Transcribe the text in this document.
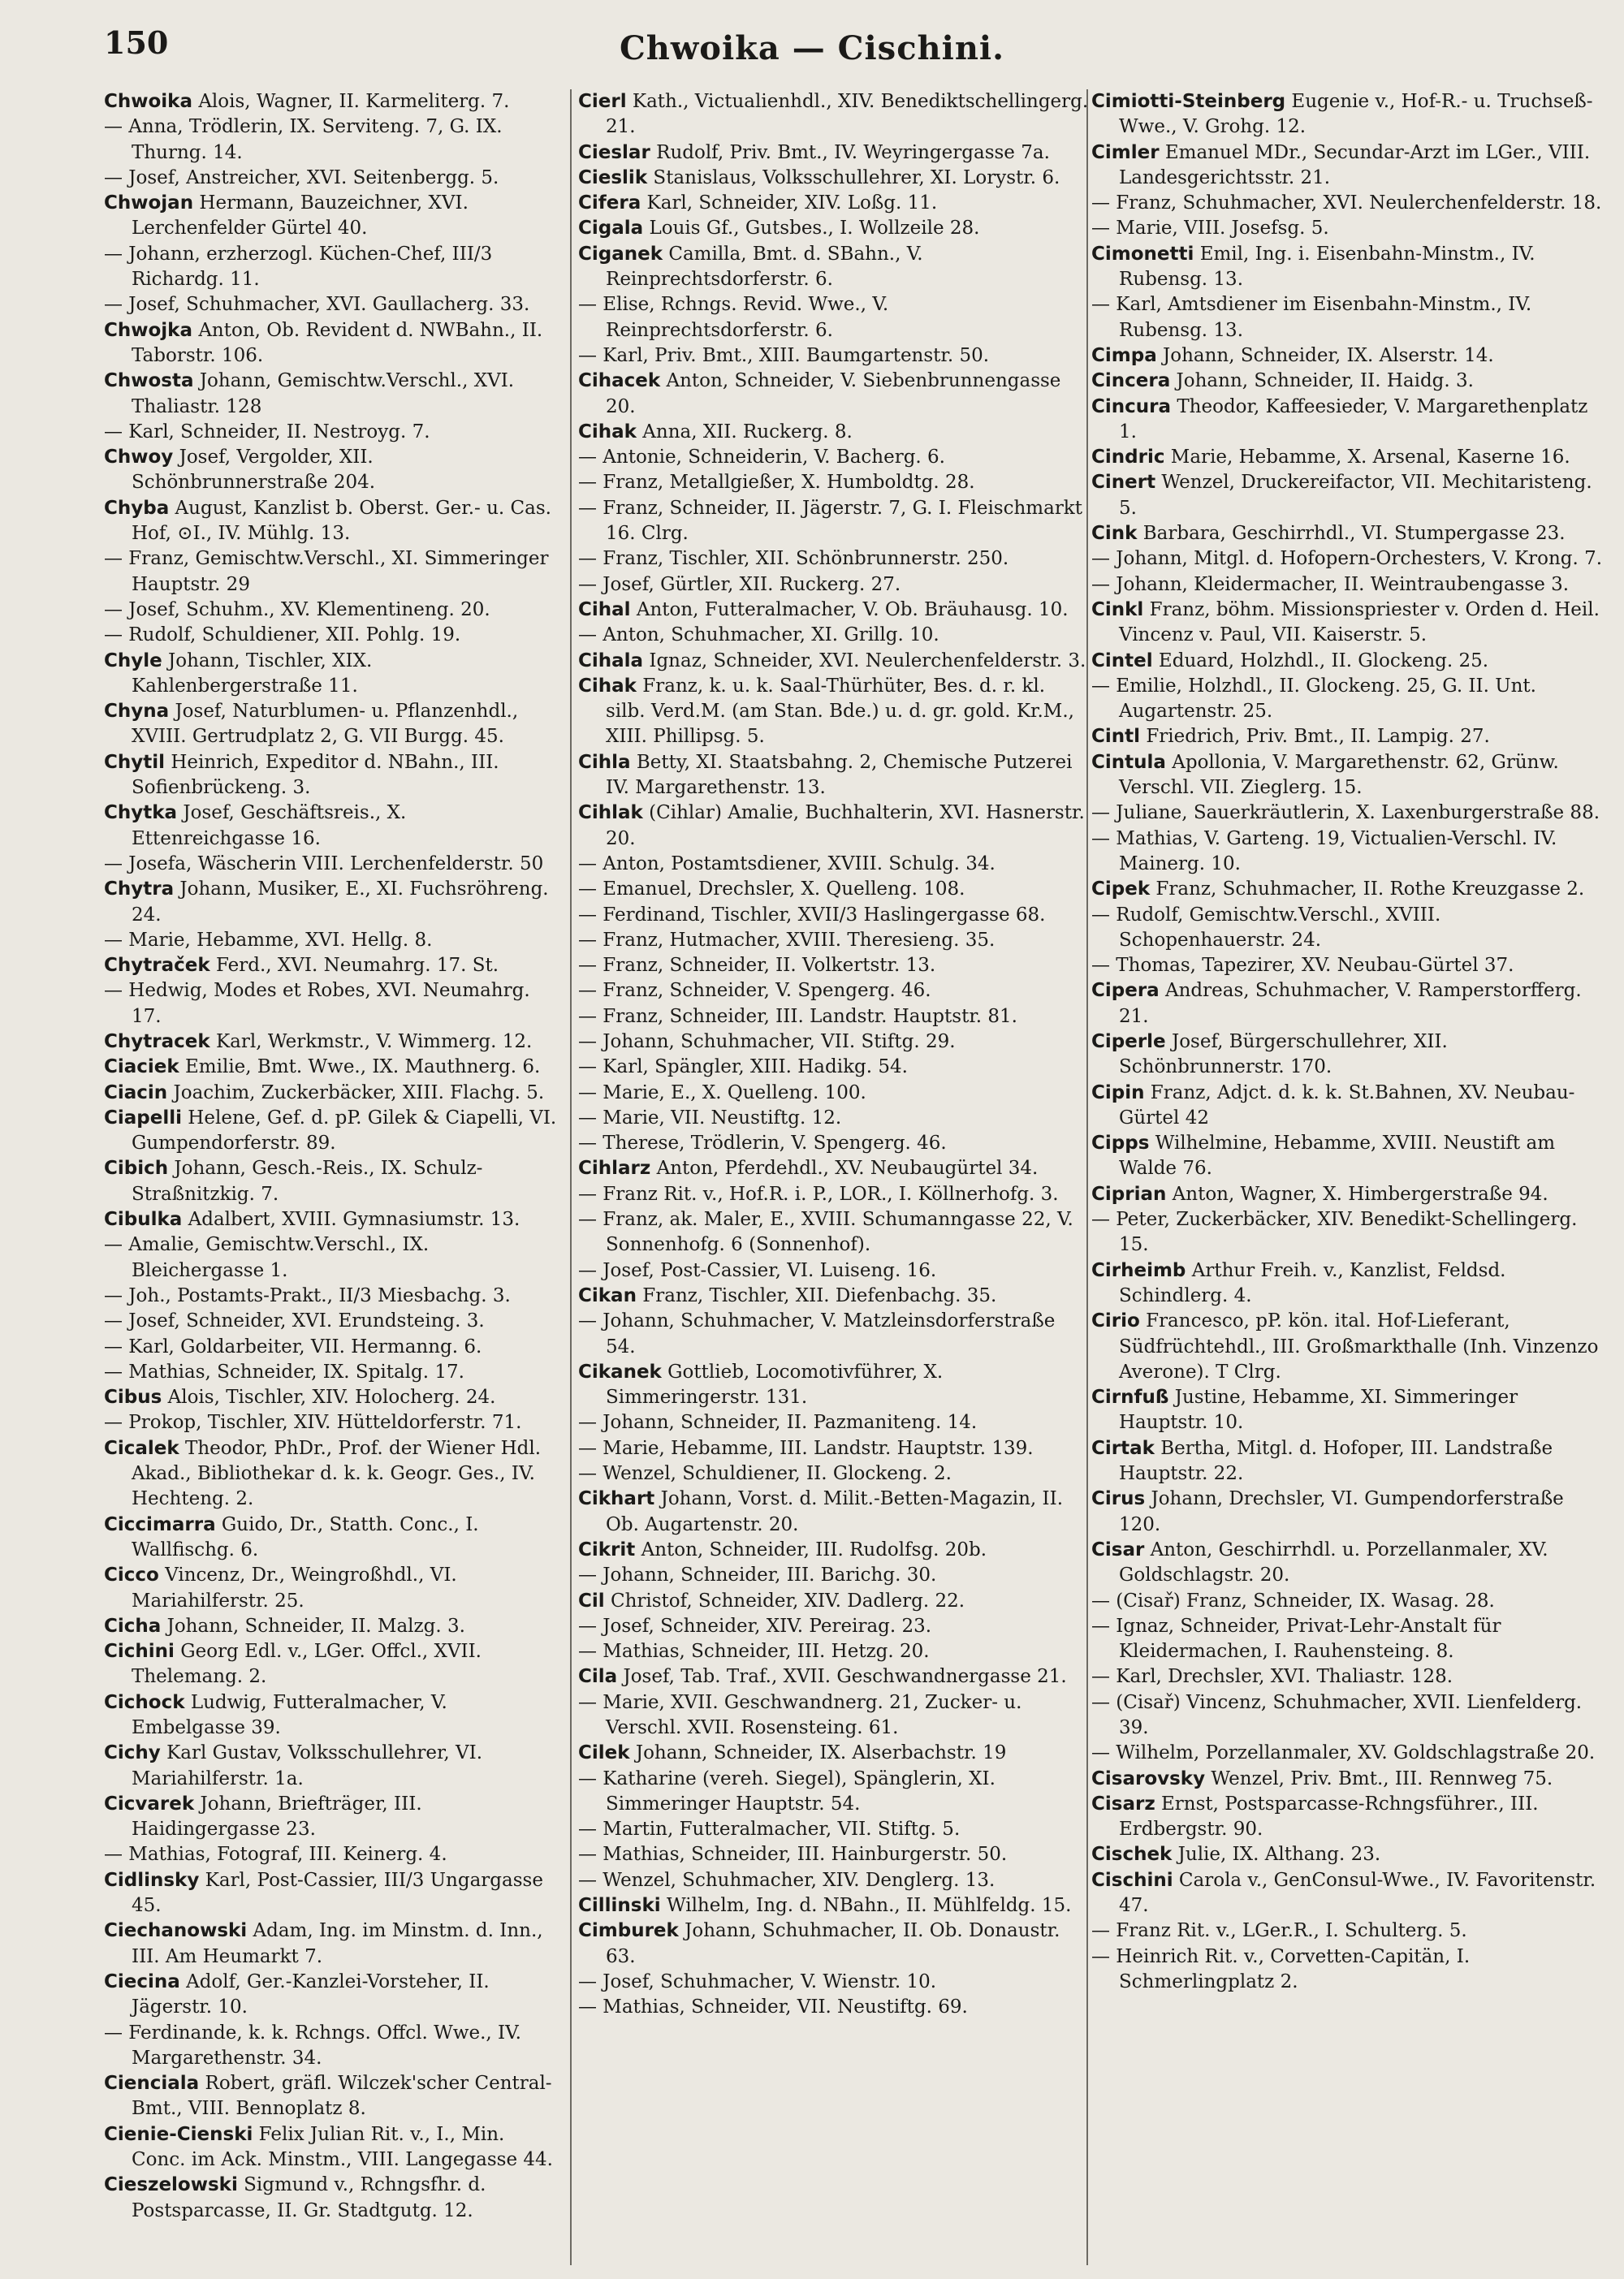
150	Chwoika — Cischini.

Chwoika Alois, Wagner, II. Karmeliterg. 7.

— Anna, Trödlerin, IX. Serviteng. 7, G. IX. Thurng. 14.

— Josef, Anstreicher, XVI. Seitenbergg. 5.

Chwojan Hermann, Bauzeichner, XVI. Lerchenfelder Gürtel 40.

— Johann, erzherzogl. Küchen-Chef, III/3 Richardg. 11.

— Josef, Schuhmacher, XVI. Gaullacherg. 33.

Chwojka Anton, Ob. Revident d. NWBahn., II. Taborstr. 106.

Chwosta Johann, Gemischtw.Verschl., XVI. Thaliastr. 128

— Karl, Schneider, II. Nestroyg. 7.

Chwoy Josef, Vergolder, XII. Schönbrunnerstraße 204.

Chyba August, Kanzlist b. Oberst. Ger.- u. Cas. Hof, ⊙I., IV. Mühlg. 13.

— Franz, Gemischtw.Verschl., XI. Simmeringer Hauptstr. 29

— Josef, Schuhm., XV. Klementineng. 20.

— Rudolf, Schuldiener, XII. Pohlg. 19.

Chyle Johann, Tischler, XIX. Kahlenbergerstraße 11.

Chyna Josef, Naturblumen- u. Pflanzenhdl., XVIII. Gertrudplatz 2, G. VII Burgg. 45.

Chytil Heinrich, Expeditor d. NBahn., III. Sofienbrückeng. 3.

Chytka Josef, Geschäftsreis., X. Ettenreichgasse 16.

— Josefa, Wäscherin VIII. Lerchenfelderstr. 50

Chytra Johann, Musiker, E., XI. Fuchsröhreng. 24.

— Marie, Hebamme, XVI. Hellg. 8.

Chytraček Ferd., XVI. Neumahrg. 17. St.

— Hedwig, Modes et Robes, XVI. Neumahrg. 17.

Chytracek Karl, Werkmstr., V. Wimmerg. 12.

Ciaciek Emilie, Bmt. Wwe., IX. Mauthnerg. 6.

Ciacin Joachim, Zuckerbäcker, XIII. Flachg. 5.

Ciapelli Helene, Gef. d. pP. Gilek & Ciapelli, VI. Gumpendorferstr. 89.

Cibich Johann, Gesch.-Reis., IX. Schulz-Straßnitzkig. 7.

Cibulka Adalbert, XVIII. Gymnasiumstr. 13.

— Amalie, Gemischtw.Verschl., IX. Bleichergasse 1.

— Joh., Postamts-Prakt., II/3 Miesbachg. 3.

— Josef, Schneider, XVI. Erundsteing. 3.

— Karl, Goldarbeiter, VII. Hermanng. 6.

— Mathias, Schneider, IX. Spitalg. 17.

Cibus Alois, Tischler, XIV. Holocherg. 24.

— Prokop, Tischler, XIV. Hütteldorferstr. 71.

Cicalek Theodor, PhDr., Prof. der Wiener Hdl. Akad., Bibliothekar d. k. k. Geogr. Ges., IV. Hechteng. 2.

Ciccimarra Guido, Dr., Statth. Conc., I. Wallfischg. 6.

Cicco Vincenz, Dr., Weingroßhdl., VI. Mariahilferstr. 25.

Cicha Johann, Schneider, II. Malzg. 3.

Cichini Georg Edl. v., LGer. Offcl., XVII. Thelemang. 2.

Cichock Ludwig, Futteralmacher, V. Embelgasse 39.

Cichy Karl Gustav, Volksschullehrer, VI. Mariahilferstr. 1a.

Cicvarek Johann, Briefträger, III. Haidingergasse 23.

— Mathias, Fotograf, III. Keinerg. 4.

Cidlinsky Karl, Post-Cassier, III/3 Ungargasse 45.

Ciechanowski Adam, Ing. im Minstm. d. Inn., III. Am Heumarkt 7.

Ciecina Adolf, Ger.-Kanzlei-Vorsteher, II. Jägerstr. 10.

— Ferdinande, k. k. Rchngs. Offcl. Wwe., IV. Margarethenstr. 34.

Cienciala Robert, gräfl. Wilczek'scher Central-Bmt., VIII. Bennoplatz 8.

Cienie-Cienski Felix Julian Rit. v., I., Min. Conc. im Ack. Minstm., VIII. Langegasse 44.

Cieszelowski Sigmund v., Rchngsfhr. d. Postsparcasse, II. Gr. Stadtgutg. 12.

Cierl Kath., Victualienhdl., XIV. Benediktschellingerg. 21.

Cieslar Rudolf, Priv. Bmt., IV. Weyringergasse 7a.

Cieslik Stanislaus, Volksschullehrer, XI. Lorystr. 6.

Cifera Karl, Schneider, XIV. Loßg. 11.

Cigala Louis Gf., Gutsbes., I. Wollzeile 28.

Ciganek Camilla, Bmt. d. SBahn., V. Reinprechtsdorferstr. 6.

— Elise, Rchngs. Revid. Wwe., V. Reinprechtsdorferstr. 6.

— Karl, Priv. Bmt., XIII. Baumgartenstr. 50.

Cihacek Anton, Schneider, V. Siebenbrunnengasse 20.

Cihak Anna, XII. Ruckerg. 8.

— Antonie, Schneiderin, V. Bacherg. 6.

— Franz, Metallgießer, X. Humboldtg. 28.

— Franz, Schneider, II. Jägerstr. 7, G. I. Fleischmarkt 16. Clrg.

— Franz, Tischler, XII. Schönbrunnerstr. 250.

— Josef, Gürtler, XII. Ruckerg. 27.

Cihal Anton, Futteralmacher, V. Ob. Bräuhausg. 10.

— Anton, Schuhmacher, XI. Grillg. 10.

Cihala Ignaz, Schneider, XVI. Neulerchenfelderstr. 3.

Cihak Franz, k. u. k. Saal-Thürhüter, Bes. d. r. kl. silb. Verd.M. (am Stan. Bde.) u. d. gr. gold. Kr.M., XIII. Phillipsg. 5.

Cihla Betty, XI. Staatsbahng. 2, Chemische Putzerei IV. Margarethenstr. 13.

Cihlak (Cihlar) Amalie, Buchhalterin, XVI. Hasnerstr. 20.

— Anton, Postamtsdiener, XVIII. Schulg. 34.

— Emanuel, Drechsler, X. Quelleng. 108.

— Ferdinand, Tischler, XVII/3 Haslingergasse 68.

— Franz, Hutmacher, XVIII. Theresieng. 35.

— Franz, Schneider, II. Volkertstr. 13.

— Franz, Schneider, V. Spengerg. 46.

— Franz, Schneider, III. Landstr. Hauptstr. 81.

— Johann, Schuhmacher, VII. Stiftg. 29.

— Karl, Spängler, XIII. Hadikg. 54.

— Marie, E., X. Quelleng. 100.

— Marie, VII. Neustiftg. 12.

— Therese, Trödlerin, V. Spengerg. 46.

Cihlarz Anton, Pferdehdl., XV. Neubaugürtel 34.

— Franz Rit. v., Hof.R. i. P., LOR., I. Köllnerhofg. 3.

— Franz, ak. Maler, E., XVIII. Schumanngasse 22, V. Sonnenhofg. 6 (Sonnenhof).

— Josef, Post-Cassier, VI. Luiseng. 16.

Cikan Franz, Tischler, XII. Diefenbachg. 35.

— Johann, Schuhmacher, V. Matzleinsdorferstraße 54.

Cikanek Gottlieb, Locomotivführer, X. Simmeringerstr. 131.

— Johann, Schneider, II. Pazmaniteng. 14.

— Marie, Hebamme, III. Landstr. Hauptstr. 139.

— Wenzel, Schuldiener, II. Glockeng. 2.

Cikhart Johann, Vorst. d. Milit.-Betten-Magazin, II. Ob. Augartenstr. 20.

Cikrit Anton, Schneider, III. Rudolfsg. 20b.

— Johann, Schneider, III. Barichg. 30.

Cil Christof, Schneider, XIV. Dadlerg. 22.

— Josef, Schneider, XIV. Pereirag. 23.

— Mathias, Schneider, III. Hetzg. 20.

Cila Josef, Tab. Traf., XVII. Geschwandnergasse 21.

— Marie, XVII. Geschwandnerg. 21, Zucker- u. Verschl. XVII. Rosensteing. 61.

Cilek Johann, Schneider, IX. Alserbachstr. 19

— Katharine (vereh. Siegel), Spänglerin, XI. Simmeringer Hauptstr. 54.

— Martin, Futteralmacher, VII. Stiftg. 5.

— Mathias, Schneider, III. Hainburgerstr. 50.

— Wenzel, Schuhmacher, XIV. Denglerg. 13.

Cillinski Wilhelm, Ing. d. NBahn., II. Mühlfeldg. 15.

Cimburek Johann, Schuhmacher, II. Ob. Donaustr. 63.

— Josef, Schuhmacher, V. Wienstr. 10.

— Mathias, Schneider, VII. Neustiftg. 69.

Cimiotti-Steinberg Eugenie v., Hof-R.- u. Truchseß-Wwe., V. Grohg. 12.

Cimler Emanuel MDr., Secundar-Arzt im LGer., VIII. Landesgerichtsstr. 21.

— Franz, Schuhmacher, XVI. Neulerchenfelderstr. 18.

— Marie, VIII. Josefsg. 5.

Cimonetti Emil, Ing. i. Eisenbahn-Minstm., IV. Rubensg. 13.

— Karl, Amtsdiener im Eisenbahn-Minstm., IV. Rubensg. 13.

Cimpa Johann, Schneider, IX. Alserstr. 14.

Cincera Johann, Schneider, II. Haidg. 3.

Cincura Theodor, Kaffeesieder, V. Margarethenplatz 1.

Cindric Marie, Hebamme, X. Arsenal, Kaserne 16.

Cinert Wenzel, Druckereifactor, VII. Mechitaristeng. 5.

Cink Barbara, Geschirrhdl., VI. Stumpergasse 23.

— Johann, Mitgl. d. Hofopern-Orchesters, V. Krong. 7.

— Johann, Kleidermacher, II. Weintraubengasse 3.

Cinkl Franz, böhm. Missionspriester v. Orden d. Heil. Vincenz v. Paul, VII. Kaiserstr. 5.

Cintel Eduard, Holzhdl., II. Glockeng. 25.

— Emilie, Holzhdl., II. Glockeng. 25, G. II. Unt. Augartenstr. 25.

Cintl Friedrich, Priv. Bmt., II. Lampig. 27.

Cintula Apollonia, V. Margarethenstr. 62, Grünw. Verschl. VII. Zieglerg. 15.

— Juliane, Sauerkräutlerin, X. Laxenburgerstraße 88.

— Mathias, V. Garteng. 19, Victualien-Verschl. IV. Mainerg. 10.

Cipek Franz, Schuhmacher, II. Rothe Kreuzgasse 2.

— Rudolf, Gemischtw.Verschl., XVIII. Schopenhauerstr. 24.

— Thomas, Tapezirer, XV. Neubau-Gürtel 37.

Cipera Andreas, Schuhmacher, V. Ramperstorfferg. 21.

Ciperle Josef, Bürgerschullehrer, XII. Schönbrunnerstr. 170.

Cipin Franz, Adjct. d. k. k. St.Bahnen, XV. Neubau-Gürtel 42

Cipps Wilhelmine, Hebamme, XVIII. Neustift am Walde 76.

Ciprian Anton, Wagner, X. Himbergerstraße 94.

— Peter, Zuckerbäcker, XIV. Benedikt-Schellingerg. 15.

Cirheimb Arthur Freih. v., Kanzlist, Feldsd. Schindlerg. 4.

Cirio Francesco, pP. kön. ital. Hof-Lieferant, Südfrüchtehdl., III. Großmarkthalle (Inh. Vinzenzo Averone). T Clrg.

Cirnfuß Justine, Hebamme, XI. Simmeringer Hauptstr. 10.

Cirtak Bertha, Mitgl. d. Hofoper, III. Landstraße Hauptstr. 22.

Cirus Johann, Drechsler, VI. Gumpendorferstraße 120.

Cisar Anton, Geschirrhdl. u. Porzellanmaler, XV. Goldschlagstr. 20.

— (Cisař) Franz, Schneider, IX. Wasag. 28.

— Ignaz, Schneider, Privat-Lehr-Anstalt für Kleidermachen, I. Rauhensteing. 8.

— Karl, Drechsler, XVI. Thaliastr. 128.

— (Cisař) Vincenz, Schuhmacher, XVII. Lienfelderg. 39.

— Wilhelm, Porzellanmaler, XV. Goldschlagstraße 20.

Cisarovsky Wenzel, Priv. Bmt., III. Rennweg 75.

Cisarz Ernst, Postsparcasse-Rchngsführer., III. Erdbergstr. 90.

Cischek Julie, IX. Althang. 23.

Cischini Carola v., GenConsul-Wwe., IV. Favoritenstr. 47.

— Franz Rit. v., LGer.R., I. Schulterg. 5.

— Heinrich Rit. v., Corvetten-Capitän, I. Schmerlingplatz 2.
